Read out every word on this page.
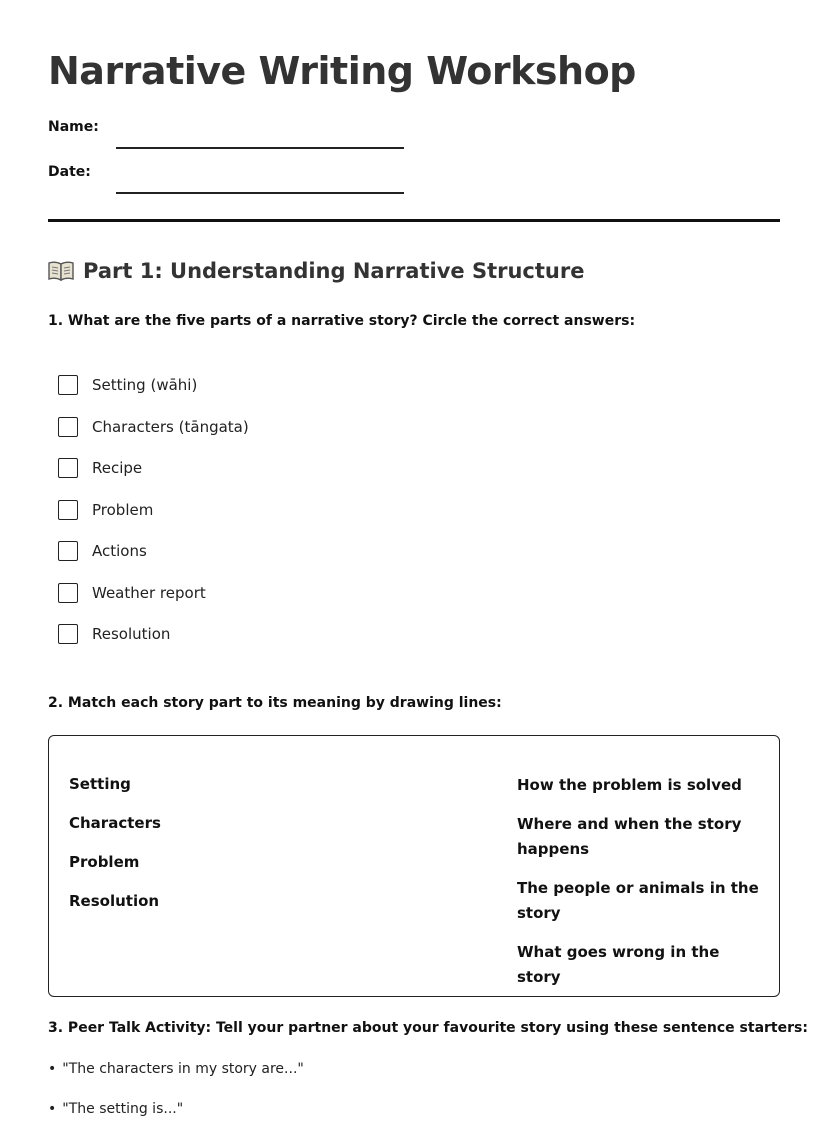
Narrative Writing Workshop
Name:
Date:
Part 1: Understanding Narrative Structure

1. What are the five parts of a narrative story? Circle the correct answers:

Setting (wāhi)
Characters (tāngata)
Recipe
Problem
Actions
Weather report
Resolution

2. Match each story part to its meaning by drawing lines:

Setting
Characters
Problem
Resolution
How the problem is solved
Where and when the story happens
The people or animals in the story
What goes wrong in the story

3. Peer Talk Activity: Tell your partner about your favourite story using these sentence starters:

• "The characters in my story are..."
• "The setting is..."
